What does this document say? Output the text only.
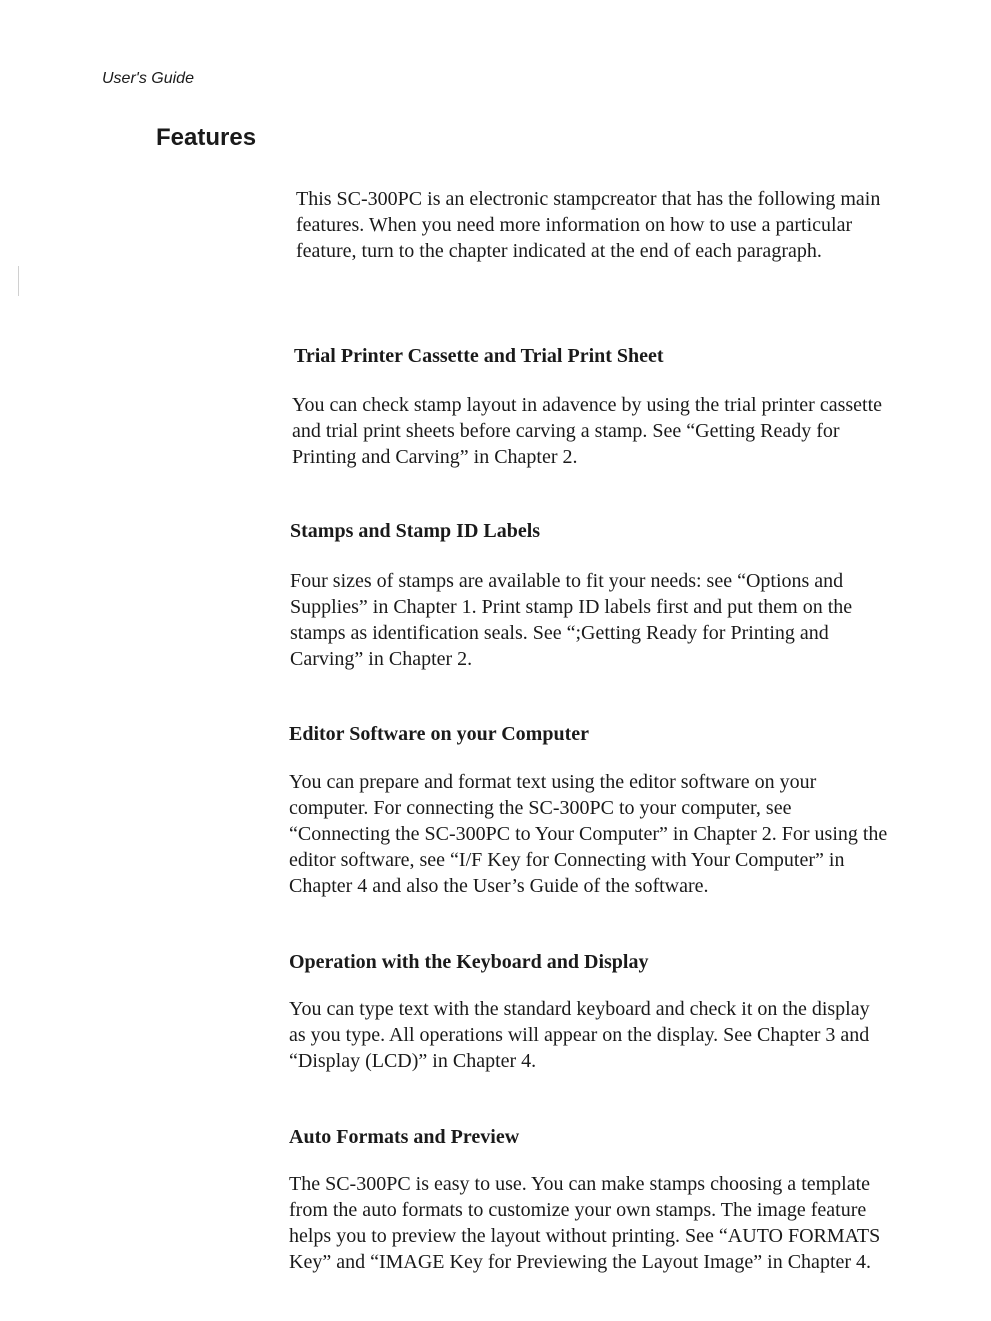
User's Guide
Features

This SC-300PC is an electronic stampcreator that has the following main features. When you need more information on how to use a particular feature, turn to the chapter indicated at the end of each paragraph.

Trial Printer Cassette and Trial Print Sheet

You can check stamp layout in adavence by using the trial printer cassette and trial print sheets before carving a stamp. See “Getting Ready for Printing and Carving” in Chapter 2.

Stamps and Stamp ID Labels

Four sizes of stamps are available to fit your needs: see “Options and Supplies” in Chapter 1. Print stamp ID labels first and put them on the stamps as identification seals. See “;Getting Ready for Printing and Carving” in Chapter 2.

Editor Software on your Computer

You can prepare and format text using the editor software on your computer. For connecting the SC-300PC to your computer, see “Connecting the SC-300PC to Your Computer” in Chapter 2. For using the editor software, see “I/F Key for Connecting with Your Computer” in Chapter 4 and also the User’s Guide of the software.

Operation with the Keyboard and Display

You can type text with the standard keyboard and check it on the display as you type. All operations will appear on the display. See Chapter 3 and “Display (LCD)” in Chapter 4.

Auto Formats and Preview

The SC-300PC is easy to use. You can make stamps choosing a template from the auto formats to customize your own stamps. The image feature helps you to preview the layout without printing. See “AUTO FORMATS Key” and “IMAGE Key for Previewing the Layout Image” in Chapter 4.
